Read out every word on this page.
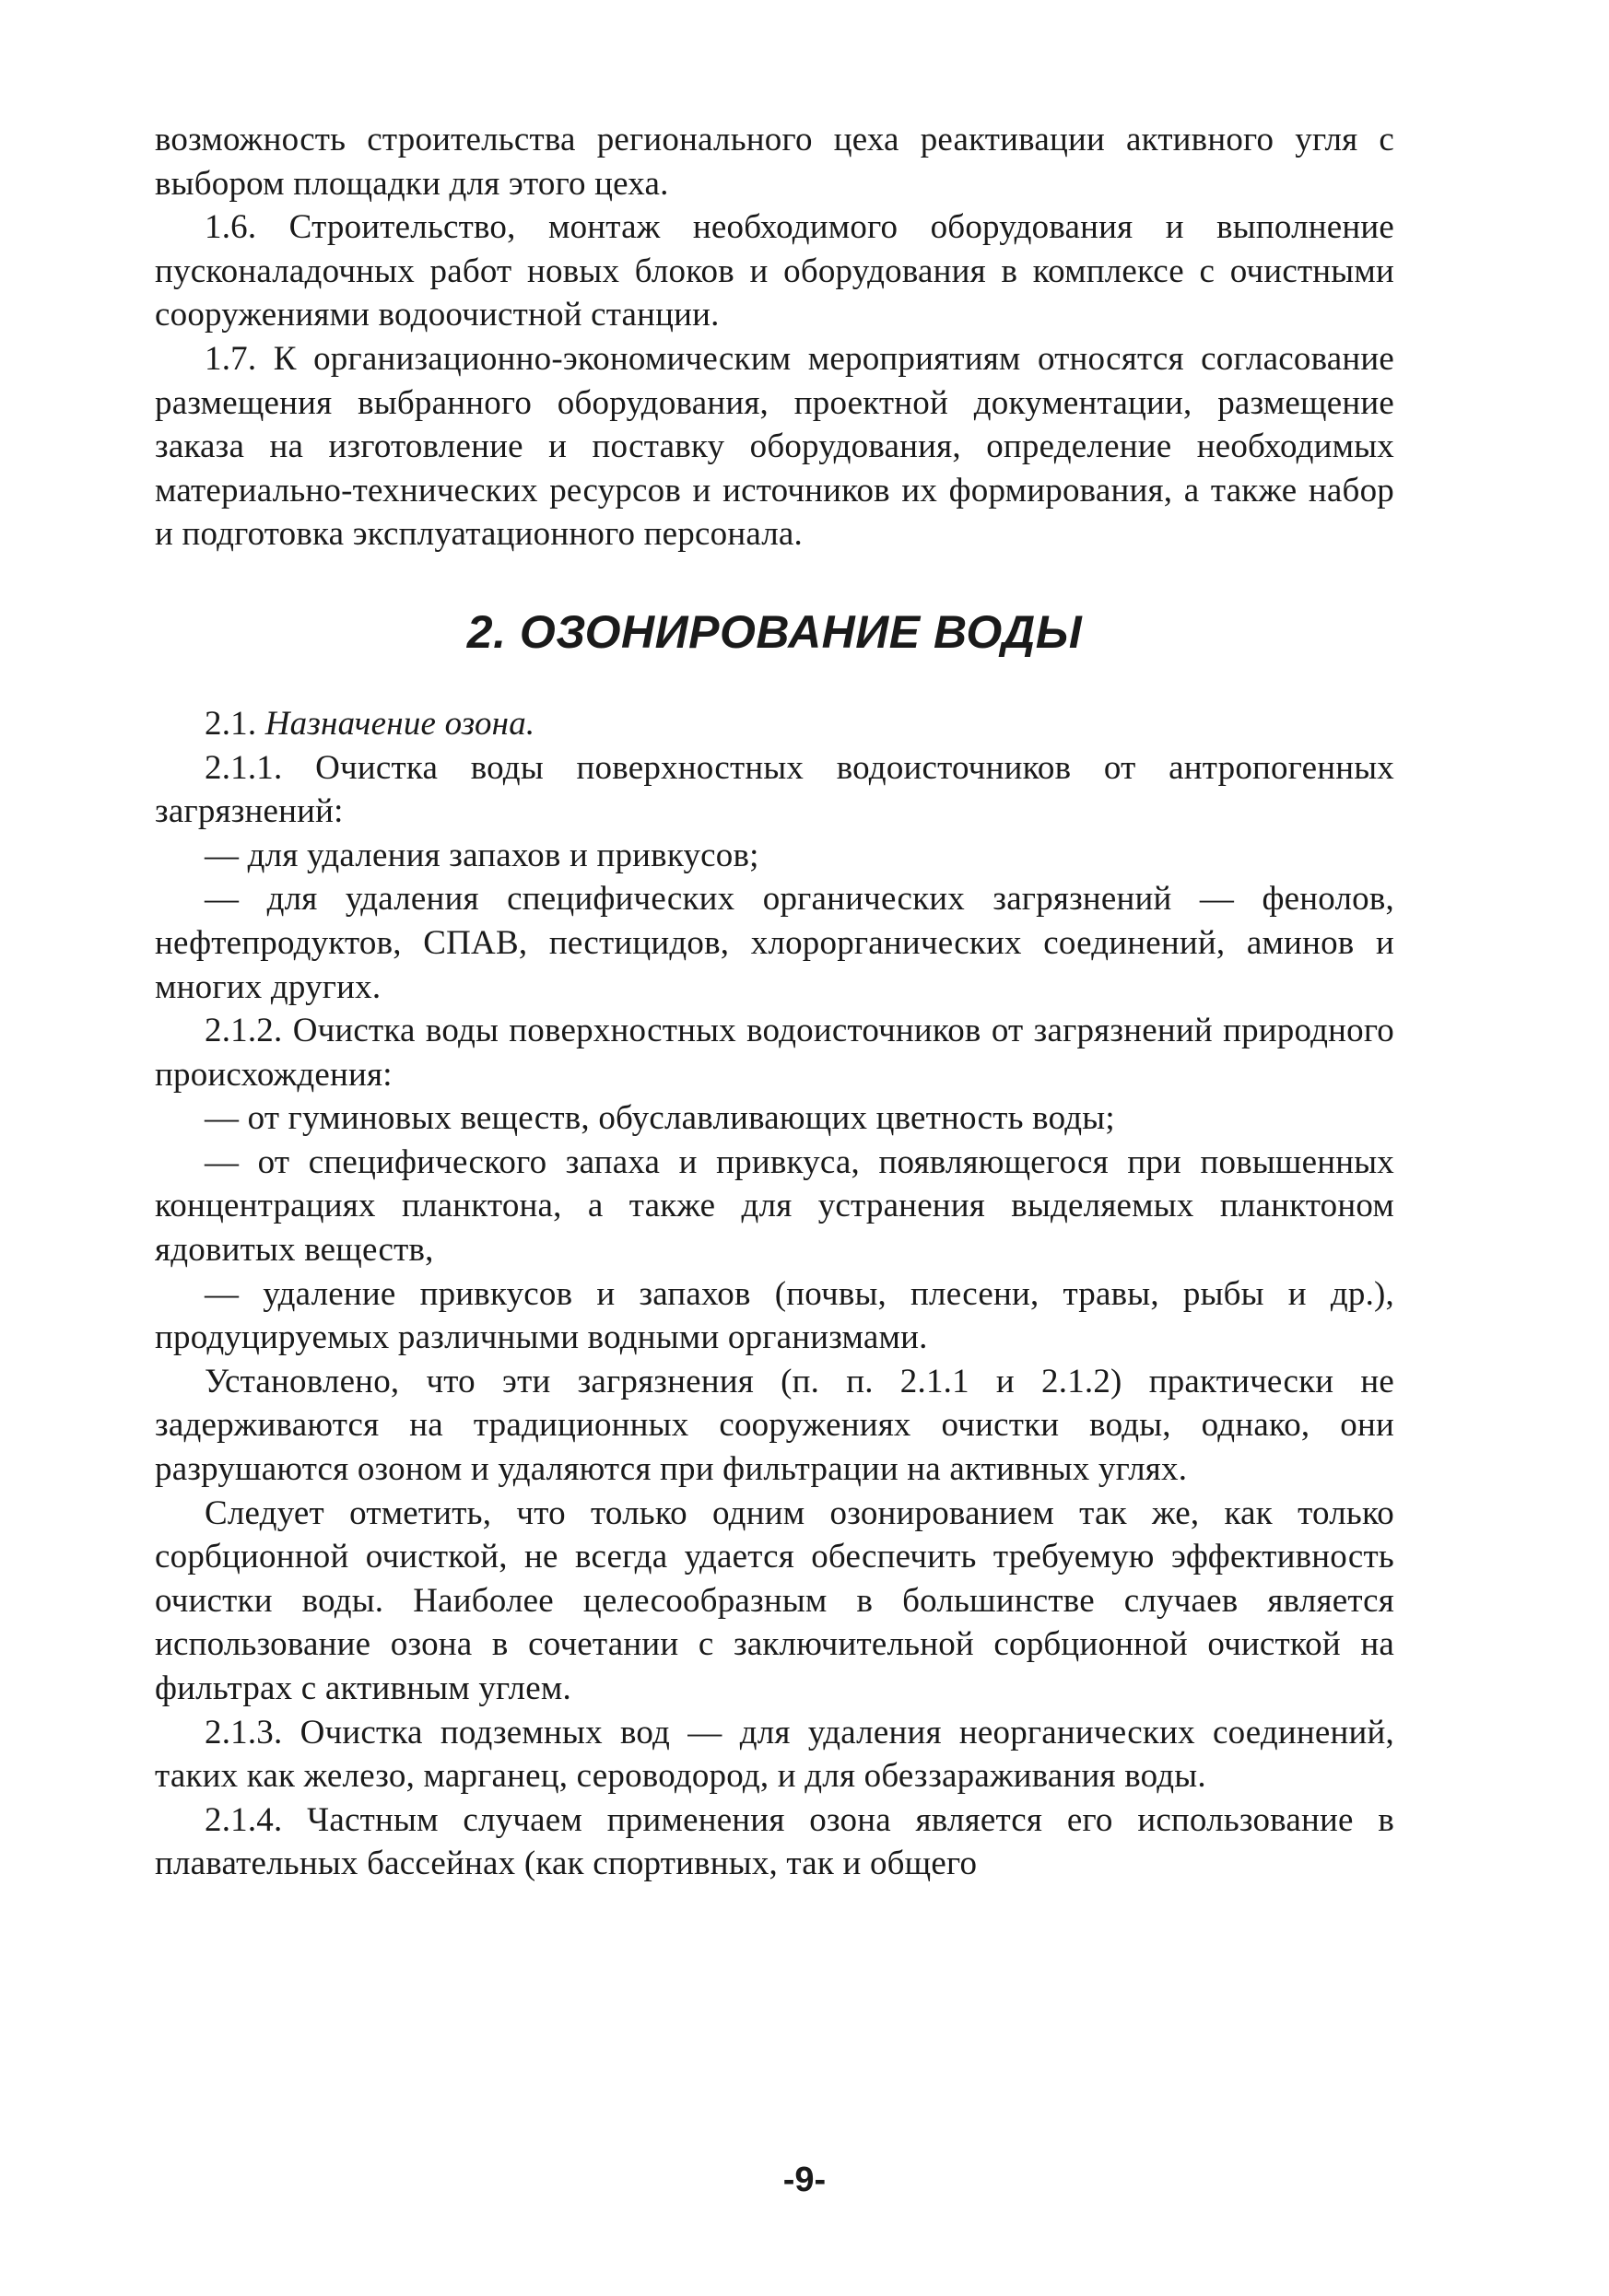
возможность строительства регионального цеха реактивации активного угля с выбором площадки для этого цеха.

1.6. Строительство, монтаж необходимого оборудования и выполнение пусконаладочных работ новых блоков и оборудования в комплексе с очистными сооружениями водоочистной станции.

1.7. К организационно-экономическим мероприятиям относятся согласование размещения выбранного оборудования, проектной документации, размещение заказа на изготовление и поставку оборудования, определение необходимых материально-технических ресурсов и источников их формирования, а также набор и подготовка эксплуатационного персонала.

2. ОЗОНИРОВАНИЕ ВОДЫ

2.1. Назначение озона.

2.1.1. Очистка воды поверхностных водоисточников от антропогенных загрязнений:

— для удаления запахов и привкусов;

— для удаления специфических органических загрязнений — фенолов, нефтепродуктов, СПАВ, пестицидов, хлорорганических соединений, аминов и многих других.

2.1.2. Очистка воды поверхностных водоисточников от загрязнений природного происхождения:

— от гуминовых веществ, обуславливающих цветность воды;

— от специфического запаха и привкуса, появляющегося при повышенных концентрациях планктона, а также для устранения выделяемых планктоном ядовитых веществ,

— удаление привкусов и запахов (почвы, плесени, травы, рыбы и др.), продуцируемых различными водными организмами.

Установлено, что эти загрязнения (п. п. 2.1.1 и 2.1.2) практически не задерживаются на традиционных сооружениях очистки воды, однако, они разрушаются озоном и удаляются при фильтрации на активных углях.

Следует отметить, что только одним озонированием так же, как только сорбционной очисткой, не всегда удается обеспечить требуемую эффективность очистки воды. Наиболее целесообразным в большинстве случаев является использование озона в сочетании с заключительной сорбционной очисткой на фильтрах с активным углем.

2.1.3. Очистка подземных вод — для удаления неорганических соединений, таких как железо, марганец, сероводород, и для обеззараживания воды.

2.1.4. Частным случаем применения озона является его использование в плавательных бассейнах (как спортивных, так и общего

-9-
